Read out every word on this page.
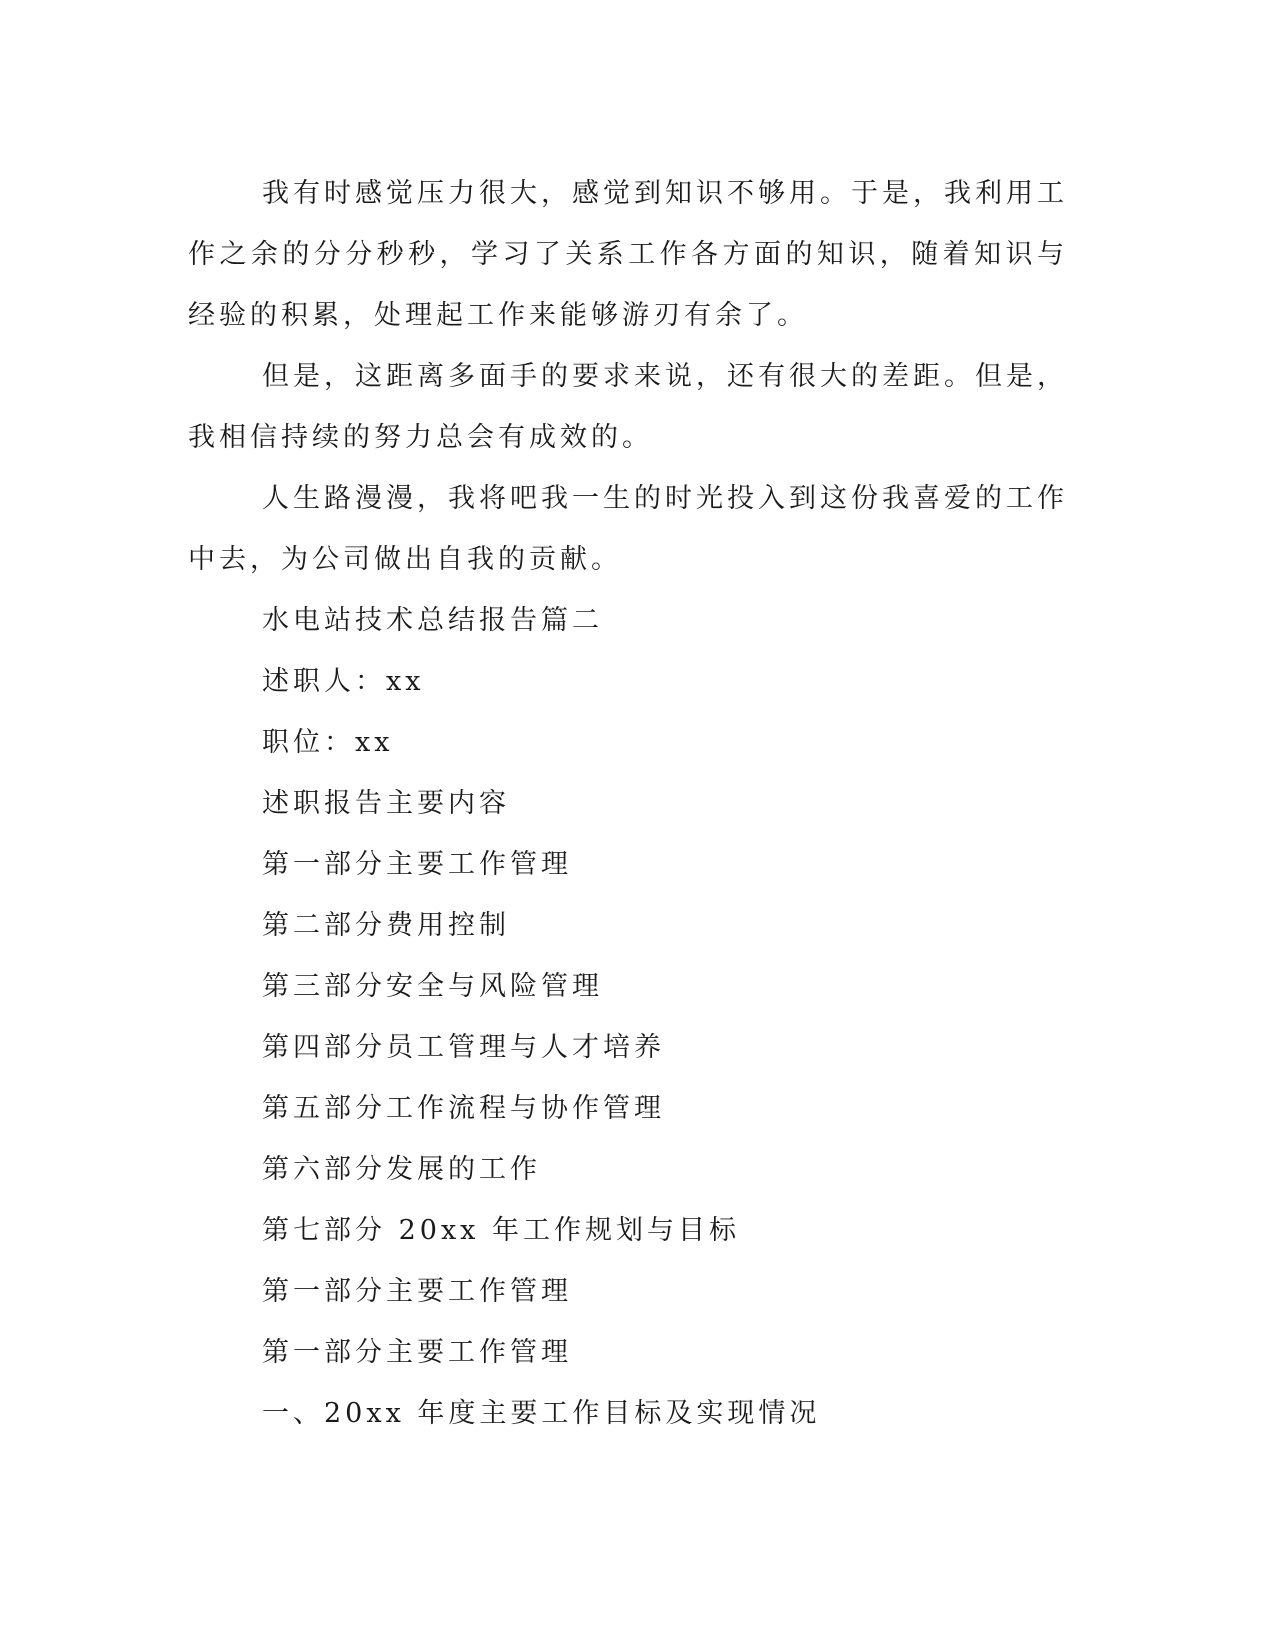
我有时感觉压力很大，感觉到知识不够用。于是，我利用工作之余的分分秒秒，学习了关系工作各方面的知识，随着知识与经验的积累，处理起工作来能够游刃有余了。

但是，这距离多面手的要求来说，还有很大的差距。但是，我相信持续的努力总会有成效的。

人生路漫漫，我将吧我一生的时光投入到这份我喜爱的工作中去，为公司做出自我的贡献。

水电站技术总结报告篇二

述职人：xx

职位：xx

述职报告主要内容

第一部分主要工作管理

第二部分费用控制

第三部分安全与风险管理

第四部分员工管理与人才培养

第五部分工作流程与协作管理

第六部分发展的工作

第七部分 20xx 年工作规划与目标

第一部分主要工作管理

第一部分主要工作管理

一、20xx 年度主要工作目标及实现情况
